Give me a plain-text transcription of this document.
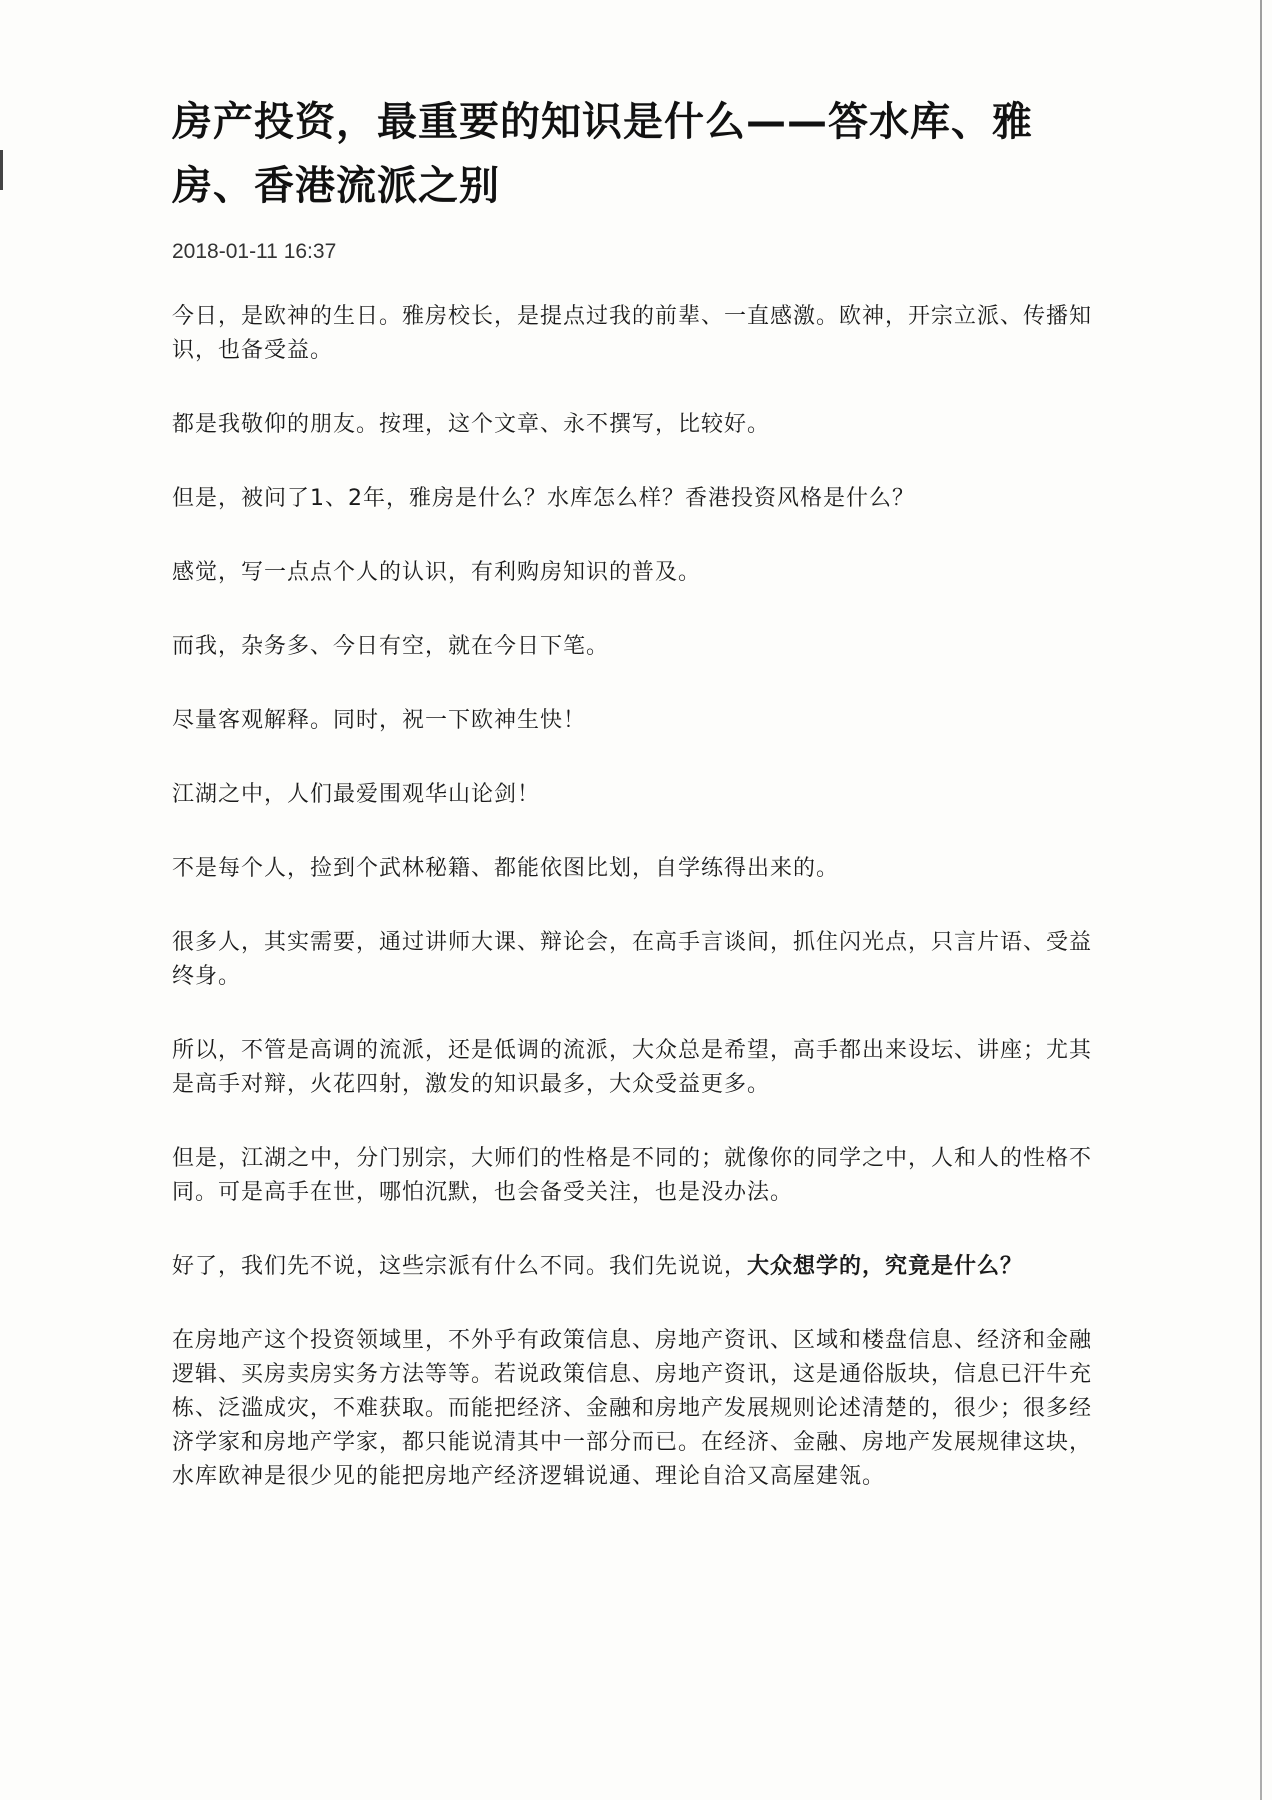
房产投资，最重要的知识是什么——答水库、雅房、香港流派之别
2018-01-11 16:37

今日，是欧神的生日。雅房校长，是提点过我的前辈、一直感激。欧神，开宗立派、传播知识，也备受益。

都是我敬仰的朋友。按理，这个文章、永不撰写，比较好。

但是，被问了1、2年，雅房是什么？水库怎么样？香港投资风格是什么？

感觉，写一点点个人的认识，有利购房知识的普及。

而我，杂务多、今日有空，就在今日下笔。

尽量客观解释。同时，祝一下欧神生快！

江湖之中，人们最爱围观华山论剑！

不是每个人，捡到个武林秘籍、都能依图比划，自学练得出来的。

很多人，其实需要，通过讲师大课、辩论会，在高手言谈间，抓住闪光点，只言片语、受益终身。

所以，不管是高调的流派，还是低调的流派，大众总是希望，高手都出来设坛、讲座；尤其是高手对辩，火花四射，激发的知识最多，大众受益更多。

但是，江湖之中，分门别宗，大师们的性格是不同的；就像你的同学之中，人和人的性格不同。可是高手在世，哪怕沉默，也会备受关注，也是没办法。

好了，我们先不说，这些宗派有什么不同。我们先说说，大众想学的，究竟是什么？

在房地产这个投资领域里，不外乎有政策信息、房地产资讯、区域和楼盘信息、经济和金融逻辑、买房卖房实务方法等等。若说政策信息、房地产资讯，这是通俗版块，信息已汗牛充栋、泛滥成灾，不难获取。而能把经济、金融和房地产发展规则论述清楚的，很少；很多经济学家和房地产学家，都只能说清其中一部分而已。在经济、金融、房地产发展规律这块，水库欧神是很少见的能把房地产经济逻辑说通、理论自洽又高屋建瓴。
